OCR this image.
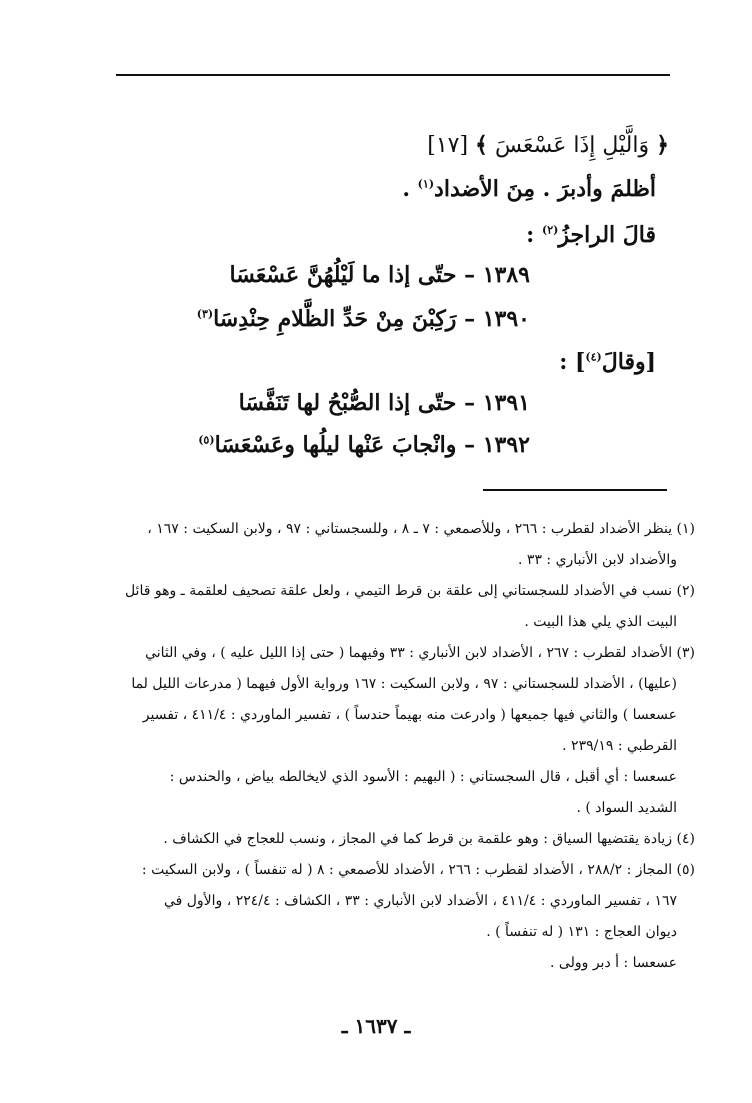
﴿ وَالَّيْلِ إِذَا عَسْعَسَ ﴾ [١٧]
أظلمَ وأدبرَ . مِنَ الأضداد$^{(١)}$ .
قالَ الراجزُ$^{(٢)}$ :
١٣٨٩ – حتّى إذا ما لَيْلُهُنَّ عَسْعَسَا
١٣٩٠ – رَكِبْنَ مِنْ حَدِّ الظَّلامِ حِنْدِسَا$^{(٣)}$
[وقالَ$^{(٤)}$] :
١٣٩١ – حتّى إذا الصُّبْحُ لها تَنَفَّسَا
١٣٩٢ – وانْجابَ عَنْها ليلُها وعَسْعَسَا$^{(٥)}$
(١) ينظر الأضداد لقطرب : ٢٦٦ ، وللأصمعي : ٧ ـ ٨ ، وللسجستاني : ٩٧ ، ولابن السكيت : ١٦٧ ،
والأضداد لابن الأنباري : ٣٣ .
(٢) نسب في الأضداد للسجستاني إلى علقة بن قرط التيمي ، ولعل علقة تصحيف لعلقمة ـ وهو قائل
البيت الذي يلي هذا البيت .
(٣) الأضداد لقطرب : ٢٦٧ ، الأضداد لابن الأنباري : ٣٣ وفيهما ( حتى إذا الليل عليه ) ، وفي الثاني
(عليها) ، الأضداد للسجستاني : ٩٧ ، ولابن السكيت : ١٦٧ ورواية الأول فيهما ( مدرعات الليل لما
عسعسا ) والثاني فيها جميعها ( وادرعت منه بهيماً حندساً ) ، تفسير الماوردي : ٤١١/٤ ، تفسير
القرطبي : ٢٣٩/١٩ .
عسعسا : أي أقبل ، قال السجستاني : ( البهيم : الأسود الذي لايخالطه بياض ، والحندس :
الشديد السواد ) .
(٤) زيادة يقتضيها السياق : وهو علقمة بن قرط كما في المجاز ، ونسب للعجاج في الكشاف .
(٥) المجاز : ٢٨٨/٢ ، الأضداد لقطرب : ٢٦٦ ، الأضداد للأصمعي : ٨ ( له تنفساً ) ، ولابن السكيت :
١٦٧ ، تفسير الماوردي : ٤١١/٤ ، الأضداد لابن الأنباري : ٣٣ ، الكشاف : ٢٢٤/٤ ، والأول في
ديوان العجاج : ١٣١ ( له تنفساً ) .
عسعسا : أ دبر وولى .
ـ ١٦٣٧ ـ
